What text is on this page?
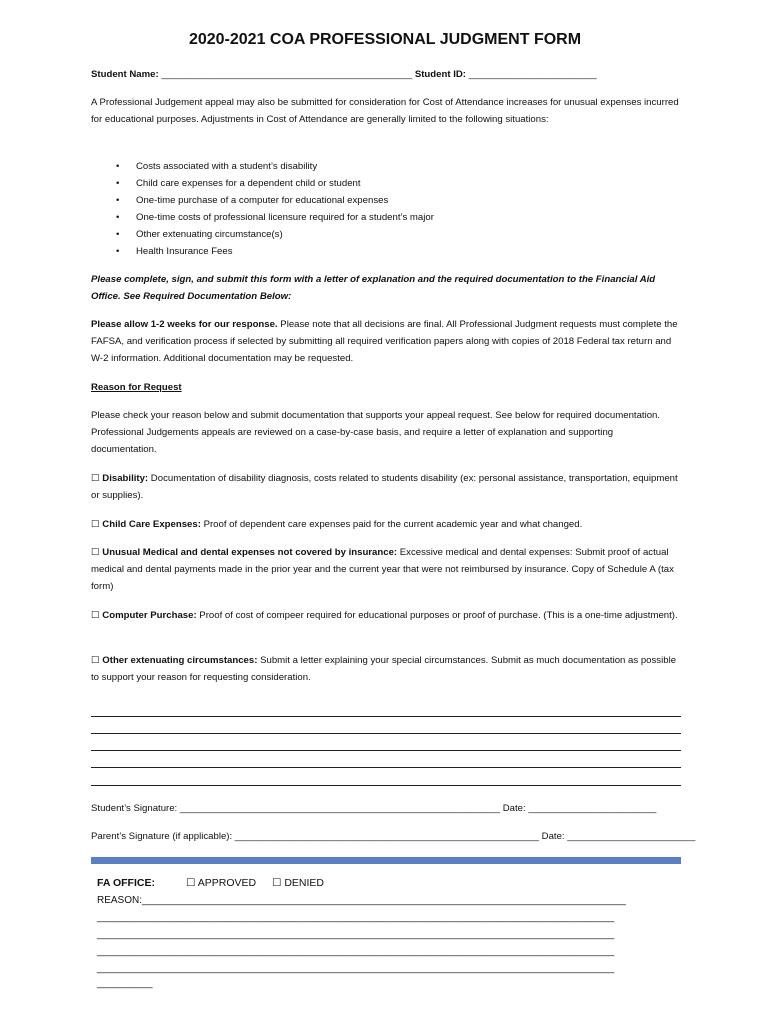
2020-2021 COA PROFESSIONAL JUDGMENT FORM
Student Name: _______________________________________________ Student ID: ________________________
A Professional Judgement appeal may also be submitted for consideration for Cost of Attendance increases for unusual expenses incurred for educational purposes. Adjustments in Cost of Attendance are generally limited to the following situations:
• Costs associated with a student’s disability
• Child care expenses for a dependent child or student
• One-time purchase of a computer for educational expenses
• One-time costs of professional licensure required for a student’s major
• Other extenuating circumstance(s)
• Health Insurance Fees
Please complete, sign, and submit this form with a letter of explanation and the required documentation to the Financial Aid Office. See Required Documentation Below:
Please allow 1-2 weeks for our response. Please note that all decisions are final. All Professional Judgment requests must complete the FAFSA, and verification process if selected by submitting all required verification papers along with copies of 2018 Federal tax return and W-2 information. Additional documentation may be requested.
Reason for Request
Please check your reason below and submit documentation that supports your appeal request. See below for required documentation. Professional Judgements appeals are reviewed on a case-by-case basis, and require a letter of explanation and supporting documentation.
☐ Disability: Documentation of disability diagnosis, costs related to students disability (ex: personal assistance, transportation, equipment or supplies).
☐ Child Care Expenses: Proof of dependent care expenses paid for the current academic year and what changed.
☐ Unusual Medical and dental expenses not covered by insurance: Excessive medical and dental expenses: Submit proof of actual medical and dental payments made in the prior year and the current year that were not reimbursed by insurance. Copy of Schedule A (tax form)
☐ Computer Purchase: Proof of cost of compeer required for educational purposes or proof of purchase. (This is a one-time adjustment).
☐ Other extenuating circumstances: Submit a letter explaining your special circumstances. Submit as much documentation as possible to support your reason for requesting consideration.
Student’s Signature: ____________________________________________________________ Date: ________________________
Parent’s Signature (if applicable): _________________________________________________________ Date: ________________________
FA OFFICE:	☐ APPROVED ☐ DENIED
REASON:_______________________________________________________________________________________
_____________________________________________________________________________________________
_____________________________________________________________________________________________
_____________________________________________________________________________________________
_____________________________________________________________________________________________
__________
